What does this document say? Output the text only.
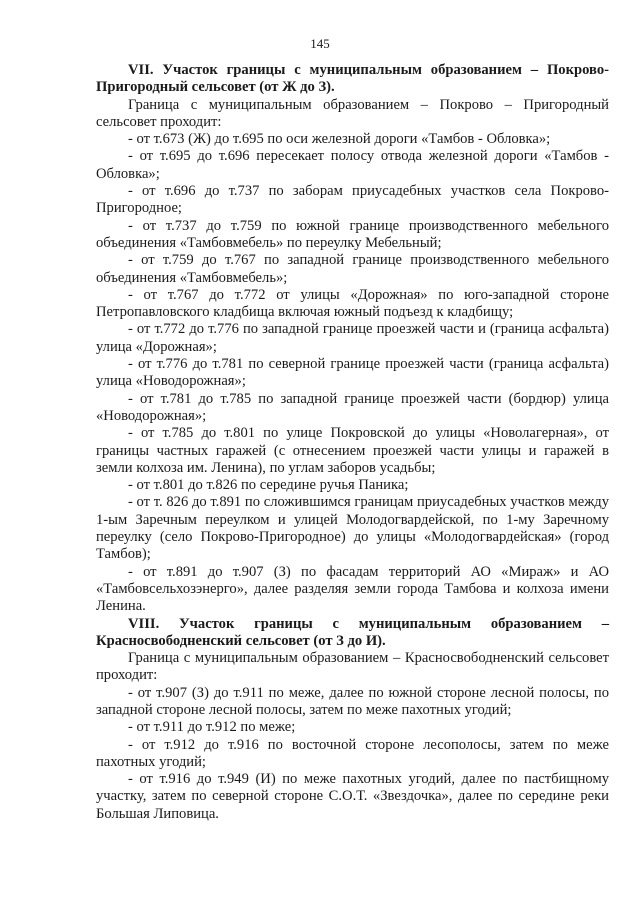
145

VII. Участок границы с муниципальным образованием – Покрово-Пригородный сельсовет (от Ж до З).

Граница с муниципальным образованием – Покрово – Пригородный сельсовет проходит:

- от т.673 (Ж) до т.695 по оси железной дороги «Тамбов - Обловка»;

- от т.695 до т.696 пересекает полосу отвода железной дороги «Тамбов - Обловка»;

- от т.696 до т.737 по заборам приусадебных участков села Покрово-Пригородное;

- от т.737 до т.759 по южной границе производственного мебельного объединения «Тамбовмебель» по переулку Мебельный;

- от т.759 до т.767 по западной границе производственного мебельного объединения «Тамбовмебель»;

- от т.767 до т.772 от улицы «Дорожная» по юго-западной стороне Петропавловского кладбища включая южный подъезд к кладбищу;

- от т.772 до т.776 по западной границе проезжей части и (граница асфальта) улица «Дорожная»;

- от т.776 до т.781 по северной границе проезжей части (граница асфальта) улица «Новодорожная»;

- от т.781 до т.785 по западной границе проезжей части (бордюр) улица «Новодорожная»;

- от т.785 до т.801 по улице Покровской до улицы «Новолагерная», от границы частных гаражей (с отнесением проезжей части улицы и гаражей в земли колхоза им. Ленина), по углам заборов усадьбы;

- от т.801 до т.826 по середине ручья Паника;

- от т. 826 до т.891 по сложившимся границам приусадебных участков между 1-ым Заречным переулком и улицей Молодогвардейской, по 1-му Заречному переулку (село Покрово-Пригородное) до улицы «Молодогвардейская» (город Тамбов);

- от т.891 до т.907 (З) по фасадам территорий АО «Мираж» и АО «Тамбовсельхозэнерго», далее разделяя земли города Тамбова и колхоза имени Ленина.

VIII. Участок границы с муниципальным образованием – Красносвободненский сельсовет (от З до И).

Граница с муниципальным образованием – Красносвободненский сельсовет проходит:

- от т.907 (З) до т.911 по меже, далее по южной стороне лесной полосы, по западной стороне лесной полосы, затем по меже пахотных угодий;

- от т.911 до т.912 по меже;

- от т.912 до т.916 по восточной стороне лесополосы, затем по меже пахотных угодий;

- от т.916 до т.949 (И) по меже пахотных угодий, далее по пастбищному участку, затем по северной стороне С.О.Т. «Звездочка», далее по середине реки Большая Липовица.
